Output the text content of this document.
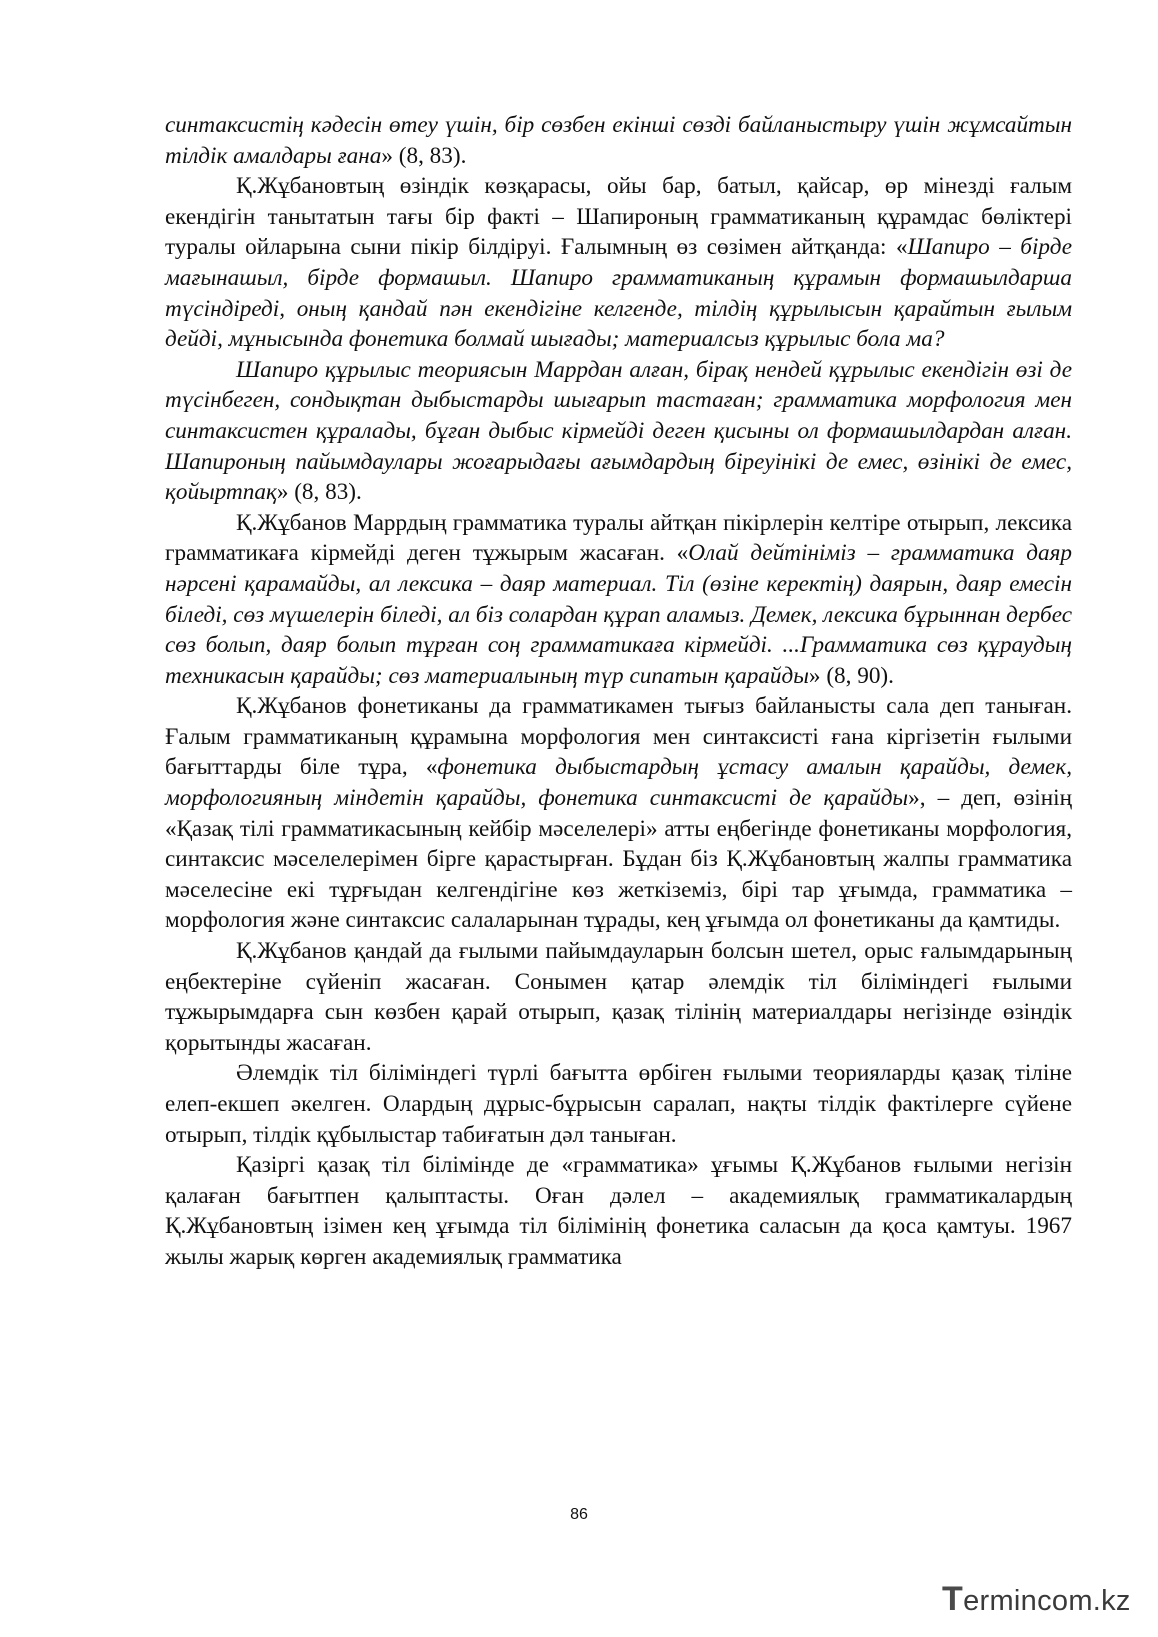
синтаксистің кәдесін өтеу үшін, бір сөзбен екінші сөзді байланыстыру үшін жұмсайтын тілдік амалдары ғана» (8, 83).

Қ.Жұбановтың өзіндік көзқарасы, ойы бар, батыл, қайсар, өр мінезді ғалым екендігін танытатын тағы бір факті – Шапироның грамматиканың құрамдас бөліктері туралы ойларына сыни пікір білдіруі. Ғалымның өз сөзімен айтқанда: «Шапиро – бірде мағынашыл, бірде формашыл. Шапиро грамматиканың құрамын формашылдарша түсіндіреді, оның қандай пән екендігіне келгенде, тілдің құрылысын қарайтын ғылым дейді, мұнысында фонетика болмай шығады; материалсыз құрылыс бола ма?

Шапиро құрылыс теориясын Маррдан алған, бірақ нендей құрылыс екендігін өзі де түсінбеген, сондықтан дыбыстарды шығарып тастаған; грамматика морфология мен синтаксистен құралады, бұған дыбыс кірмейді деген қисыны ол формашылдардан алған. Шапироның пайымдаулары жоғарыдағы ағымдардың біреуінікі де емес, өзінікі де емес, қойыртпақ» (8, 83).

Қ.Жұбанов Маррдың грамматика туралы айтқан пікірлерін келтіре отырып, лексика грамматикаға кірмейді деген тұжырым жасаған. «Олай дейтініміз – грамматика даяр нәрсені қарамайды, ал лексика – даяр материал. Тіл (өзіне керектің) даярын, даяр емесін біледі, сөз мүшелерін біледі, ал біз солардан құрап аламыз. Демек, лексика бұрыннан дербес сөз болып, даяр болып тұрған соң грамматикаға кірмейді. ...Грамматика сөз құраудың техникасын қарайды; сөз материалының түр сипатын қарайды» (8, 90).

Қ.Жұбанов фонетиканы да грамматикамен тығыз байланысты сала деп таныған. Ғалым грамматиканың құрамына морфология мен синтаксисті ғана кіргізетін ғылыми бағыттарды біле тұра, «фонетика дыбыстардың ұстасу амалын қарайды, демек, морфологияның міндетін қарайды, фонетика синтаксисті де қарайды», – деп, өзінің «Қазақ тілі грамматикасының кейбір мәселелері» атты еңбегінде фонетиканы морфология, синтаксис мәселелерімен бірге қарастырған. Бұдан біз Қ.Жұбановтың жалпы грамматика мәселесіне екі тұрғыдан келгендігіне көз жеткіземіз, бірі тар ұғымда, грамматика – морфология және синтаксис салаларынан тұрады, кең ұғымда ол фонетиканы да қамтиды.

Қ.Жұбанов қандай да ғылыми пайымдауларын болсын шетел, орыс ғалымдарының еңбектеріне сүйеніп жасаған. Сонымен қатар әлемдік тіл біліміндегі ғылыми тұжырымдарға сын көзбен қарай отырып, қазақ тілінің материалдары негізінде өзіндік қорытынды жасаған.

Әлемдік тіл біліміндегі түрлі бағытта өрбіген ғылыми теорияларды қазақ тіліне елеп-екшеп әкелген. Олардың дұрыс-бұрысын саралап, нақты тілдік фактілерге сүйене отырып, тілдік құбылыстар табиғатын дәл таныған.

Қазіргі қазақ тіл білімінде де «грамматика» ұғымы Қ.Жұбанов ғылыми негізін қалаған бағытпен қалыптасты. Оған дәлел – академиялық грамматикалардың Қ.Жұбановтың ізімен кең ұғымда тіл білімінің фонетика саласын да қоса қамтуы. 1967 жылы жарық көрген академиялық грамматика

86
Termincom.kz
